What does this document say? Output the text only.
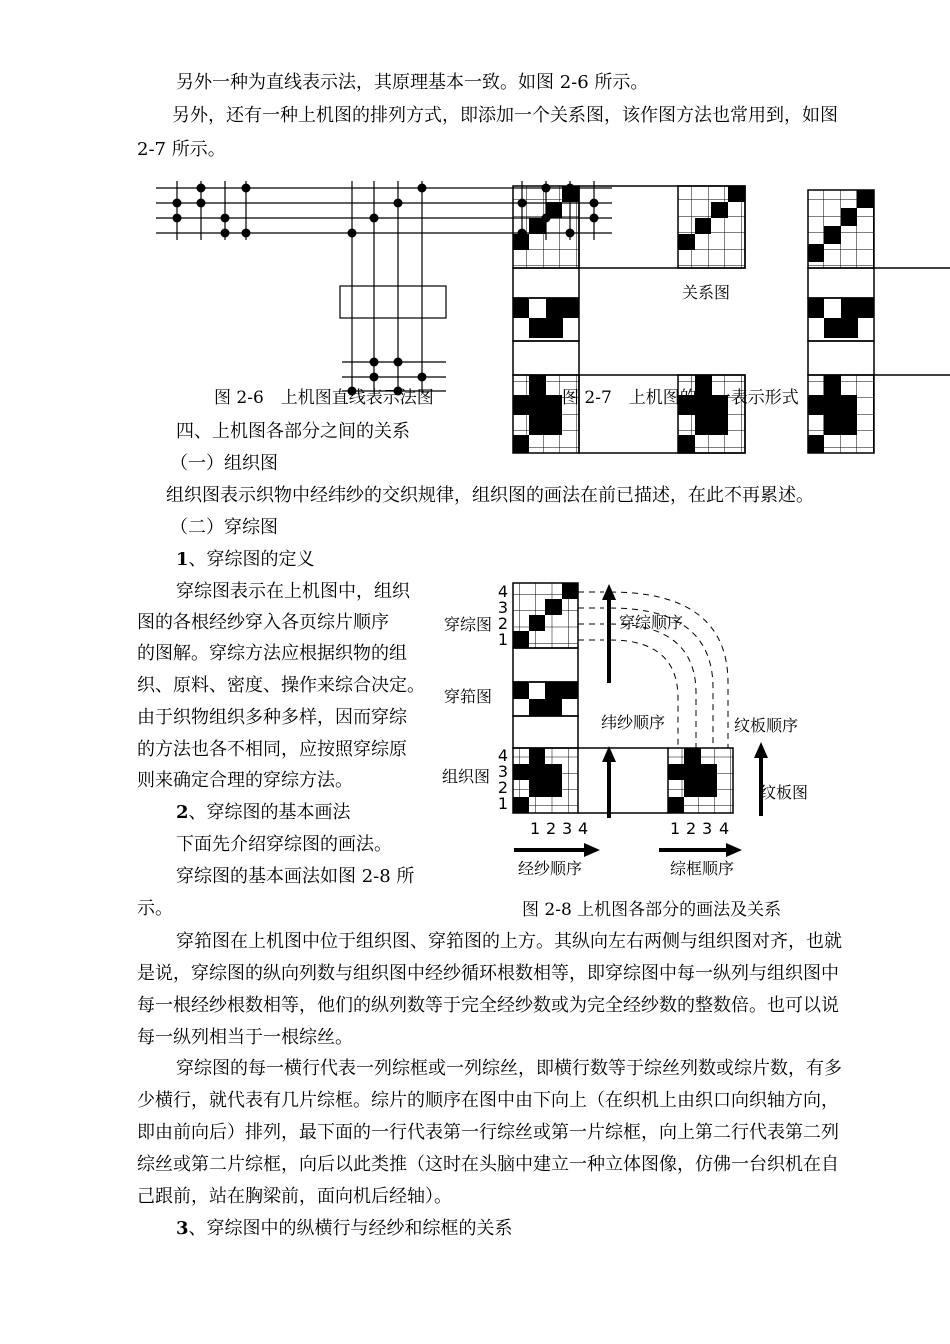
另外一种为直线表示法，其原理基本一致。如图 2-6 所示。
另外，还有一种上机图的排列方式，即添加一个关系图，该作图方法也常用到，如图
2-7 所示。
关系图
图 2-6　上机图直线表示法图	图 2-7　上机图的另一表示形式
四、上机图各部分之间的关系
（一）组织图
组织图表示织物中经纬纱的交织规律，组织图的画法在前已描述，在此不再累述。
（二）穿综图
1、穿综图的定义
穿综图表示在上机图中，组织
图的各根经纱穿入各页综片顺序
的图解。穿综方法应根据织物的组
织、原料、密度、操作来综合决定。
由于织物组织多种多样，因而穿综
的方法也各不相同，应按照穿综原
则来确定合理的穿综方法。
2、穿综图的基本画法
下面先介绍穿综图的画法。
穿综图的基本画法如图 2-8 所
示。
4
3
2
1
4
3
2
1
1 2 3 4	1 2 3 4
穿综图
穿筘图
组织图
穿综顺序
纬纱顺序	纹板顺序
纹板图
经纱顺序	综框顺序
图 2-8 上机图各部分的画法及关系
穿筘图在上机图中位于组织图、穿筘图的上方。其纵向左右两侧与组织图对齐，也就
是说，穿综图的纵向列数与组织图中经纱循环根数相等，即穿综图中每一纵列与组织图中
每一根经纱根数相等，他们的纵列数等于完全经纱数或为完全经纱数的整数倍。也可以说
每一纵列相当于一根综丝。
穿综图的每一横行代表一列综框或一列综丝，即横行数等于综丝列数或综片数，有多
少横行，就代表有几片综框。综片的顺序在图中由下向上（在织机上由织口向织轴方向，
即由前向后）排列，最下面的一行代表第一行综丝或第一片综框，向上第二行代表第二列
综丝或第二片综框，向后以此类推（这时在头脑中建立一种立体图像，仿佛一台织机在自
己跟前，站在胸梁前，面向机后经轴）。
3、穿综图中的纵横行与经纱和综框的关系
